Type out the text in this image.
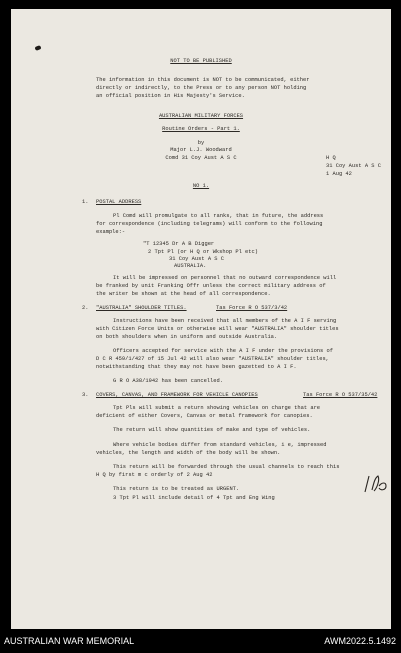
NOT TO BE PUBLISHED
The information in this document is NOT to be communicated, either
directly or indirectly, to the Press or to any person NOT holding
an official position in His Majesty's Service.
AUSTRALIAN MILITARY FORCES
Routine Orders - Part 1.
by
Major L.J. Woodward
Comd 31 Coy Aust A S C	H Q
31 Coy Aust A S C
1 Aug 42
NO 1.
1. POSTAL ADDRESS
Pl Comd will promulgate to all ranks, that in future, the address
for correspondence (including telegrams) will conform to the following
example:-
"T 12345 Dr A B Digger
2 Tpt Pl (or H Q or Wkshop Pl etc)
31 Coy Aust A S C
AUSTRALIA.
It will be impressed on personnel that no outward correspondence will
be franked by unit Franking Offr unless the correct military address of
the writer be shown at the head of all correspondence.
2. "AUSTRALIA" SHOULDER TITLES.	Tas Force R O 537/3/42
Instructions have been received that all members of the A I F serving
with Citizen Force Units or otherwise will wear "AUSTRALIA" shoulder titles
on both shoulders when in uniform and outside Australia.
Officers accepted for service with the A I F under the provisions of
D C R 459/1/427 of 15 Jul 42 will also wear "AUSTRALIA" shoulder titles,
notwithstanding that they may not have been gazetted to A I F.
G R O A38/1942 has been cancelled.
3. COVERS, CANVAS, AND FRAMEWORK FOR VEHICLE CANOPIES	Tas Force R O 537/35/42
Tpt Pls will submit a return showing vehicles on charge that are
deficient of either Covers, Canvas or metal framework for canopies.
The return will show quantities of make and type of vehicles.
Where vehicle bodies differ from standard vehicles, i e, impressed
vehicles, the length and width of the body will be shown.
This return will be forwarded through the usual channels to reach this
H Q by first m c orderly of 2 Aug 42
This return is to be treated as URGENT.
3 Tpt Pl will include detail of 4 Tpt and Eng Wing
AUSTRALIAN WAR MEMORIAL	AWM2022.5.1492
